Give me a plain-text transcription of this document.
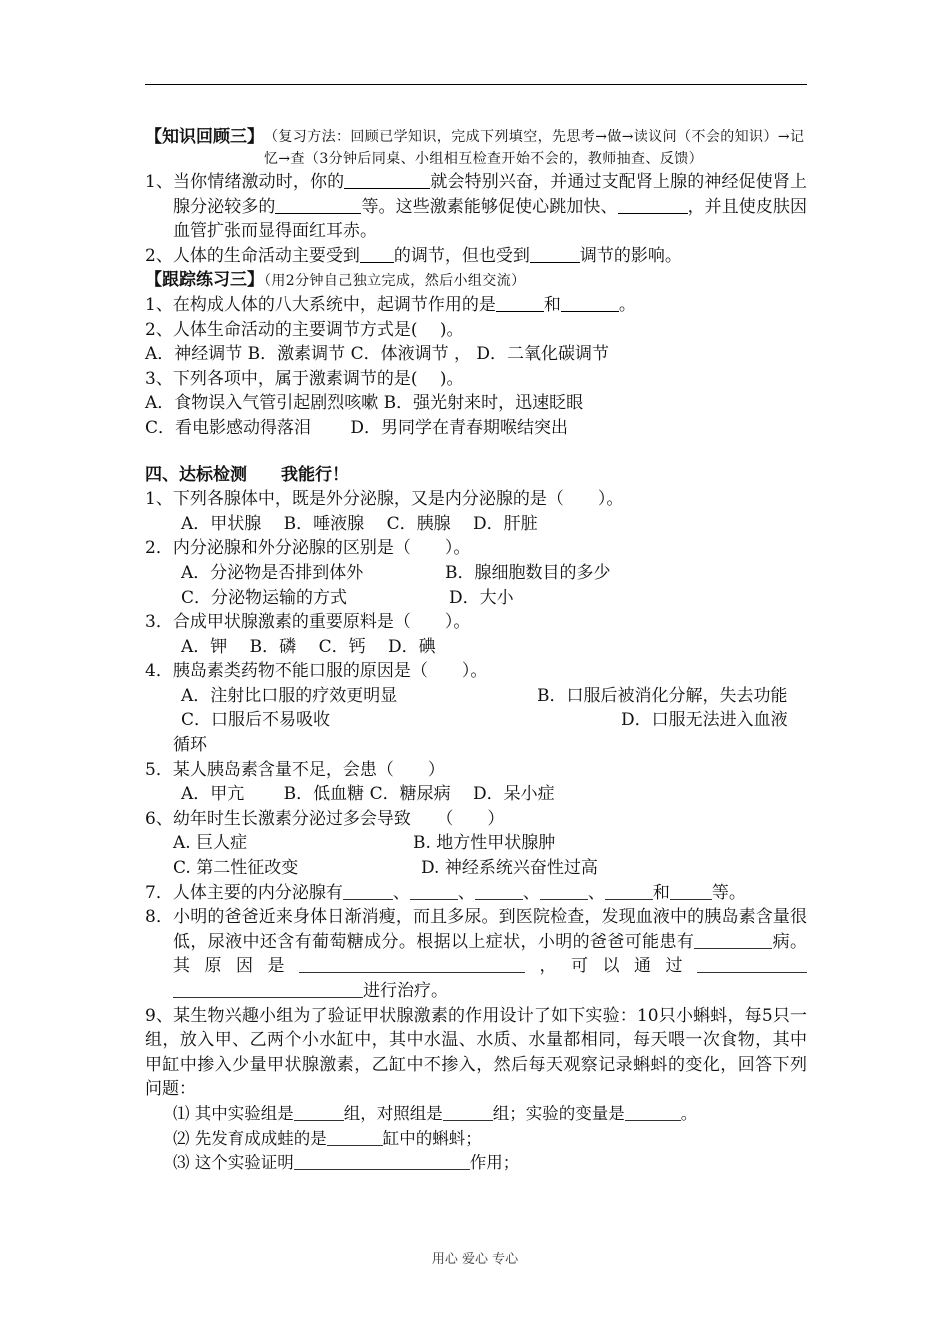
【知识回顾三】 （复习方法：回顾已学知识，完成下列填空，先思考→做→读议问（不会的知识）→记忆→查（3分钟后同桌、小组相互检查开始不会的，教师抽查、反馈）

1、当你情绪激动时，你的	就会特别兴奋，并通过支配肾上腺的神经促使肾上腺分泌较多的	等。这些激素能够促使心跳加快、	，并且使皮肤因血管扩张而显得面红耳赤。

2、人体的生命活动主要受到 的调节，但也受到	调节的影响。

【跟踪练习三】（用2分钟自己独立完成，然后小组交流）

1、在构成人体的八大系统中，起调节作用的是	和	。

2、人体生命活动的主要调节方式是(　 )。

A．神经调节 B．激素调节 C．体液调节 ， D．二氧化碳调节

3、下列各项中，属于激素调节的是(　 )。

A．食物误入气管引起剧烈咳嗽 B．强光射来时，迅速眨眼

C．看电影感动得落泪　　 D．男同学在青春期喉结突出

四、达标检测　　我能行！

1、下列各腺体中，既是外分泌腺，又是内分泌腺的是（　　）。

A．甲状腺　 B．唾液腺　 C．胰腺　 D．肝脏

2．内分泌腺和外分泌腺的区别是（　　）。

A．分泌物是否排到体外	B．腺细胞数目的多少
C．分泌物运输的方式	D．大小

3．合成甲状腺激素的重要原料是（　　）。

A．钾　 B．磷　 C．钙　 D．碘

4．胰岛素类药物不能口服的原因是（　　）。

A．注射比口服的疗效更明显	B．口服后被消化分解，失去功能
C．口服后不易吸收	D．口服无法进入血液

循环

5．某人胰岛素含量不足，会患（　　）

A．甲亢　　 B．低血糖 C．糖尿病　 D．呆小症

6、幼年时生长激素分泌过多会导致　　（　　）

A. 巨人症	B. 地方性甲状腺肿
C. 第二性征改变	D. 神经系统兴奋性过高

7．人体主要的内分泌腺有	、	、	、	、	和 等。

8．小明的爸爸近来身体日渐消瘦，而且多尿。到医院检查，发现血液中的胰岛素含量很低，尿液中还含有葡萄糖成分。根据以上症状，小明的爸爸可能患有	病。其原因是	，可以通过进行治疗。

9、某生物兴趣小组为了验证甲状腺激素的作用设计了如下实验：10只小蝌蚪，每5只一组，放入甲、乙两个小水缸中，其中水温、水质、水量都相同，每天喂一次食物，其中甲缸中掺入少量甲状腺激素，乙缸中不掺入，然后每天观察记录蝌蚪的变化，回答下列问题：

⑴ 其中实验组是	组，对照组是	组；实验的变量是	。

⑵ 先发育成成蛙的是	缸中的蝌蚪；

⑶ 这个实验证明	作用；

用心 爱心 专心
